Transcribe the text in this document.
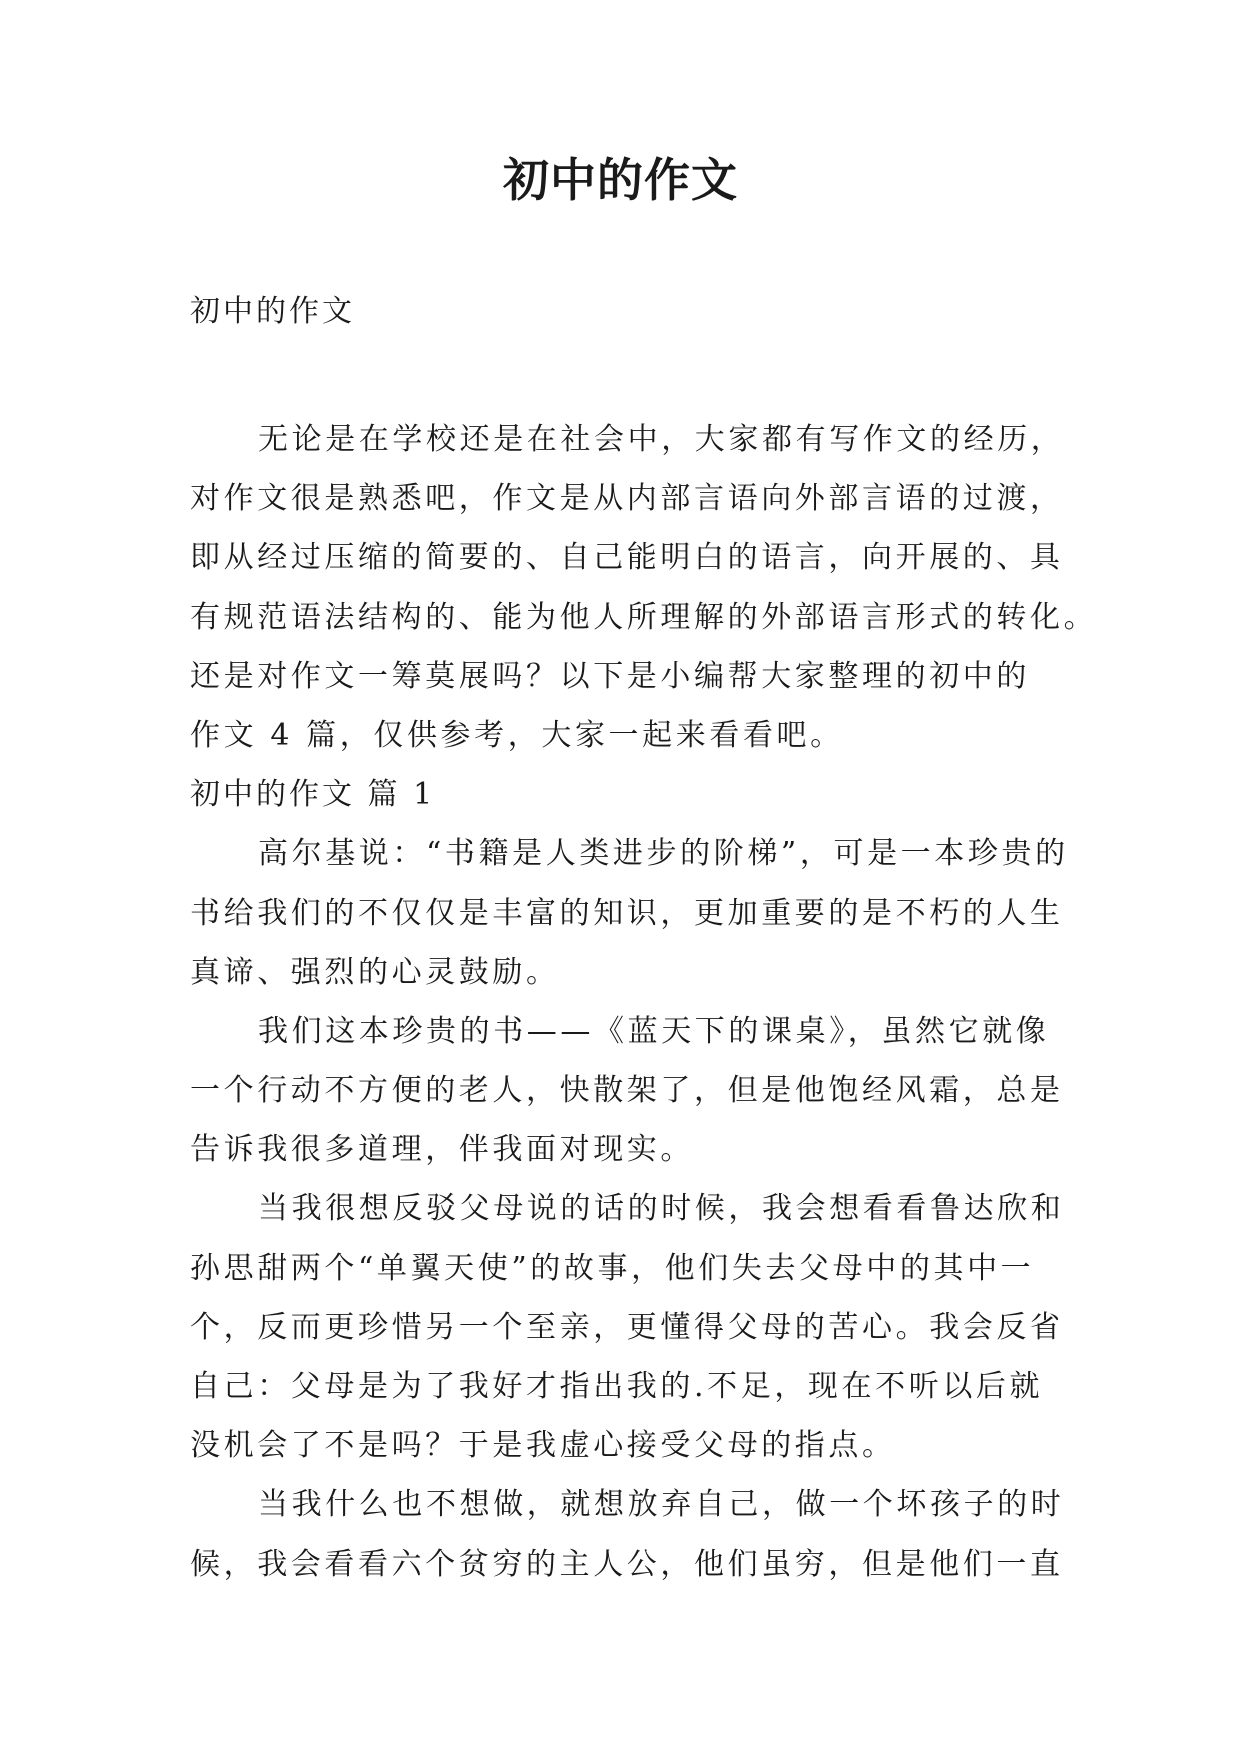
初中的作文
初中的作文
无论是在学校还是在社会中，大家都有写作文的经历，
对作文很是熟悉吧，作文是从内部言语向外部言语的过渡，
即从经过压缩的简要的、自己能明白的语言，向开展的、具
有规范语法结构的、能为他人所理解的外部语言形式的转化。
还是对作文一筹莫展吗？以下是小编帮大家整理的初中的
作文 4 篇，仅供参考，大家一起来看看吧。
初中的作文 篇 1
高尔基说：“书籍是人类进步的阶梯”，可是一本珍贵的
书给我们的不仅仅是丰富的知识，更加重要的是不朽的人生
真谛、强烈的心灵鼓励。
我们这本珍贵的书——《蓝天下的课桌》，虽然它就像
一个行动不方便的老人，快散架了，但是他饱经风霜，总是
告诉我很多道理，伴我面对现实。
当我很想反驳父母说的话的时候，我会想看看鲁达欣和
孙思甜两个“单翼天使”的故事，他们失去父母中的其中一
个，反而更珍惜另一个至亲，更懂得父母的苦心。我会反省
自己：父母是为了我好才指出我的.不足，现在不听以后就
没机会了不是吗？于是我虚心接受父母的指点。
当我什么也不想做，就想放弃自己，做一个坏孩子的时
候，我会看看六个贫穷的主人公，他们虽穷，但是他们一直
